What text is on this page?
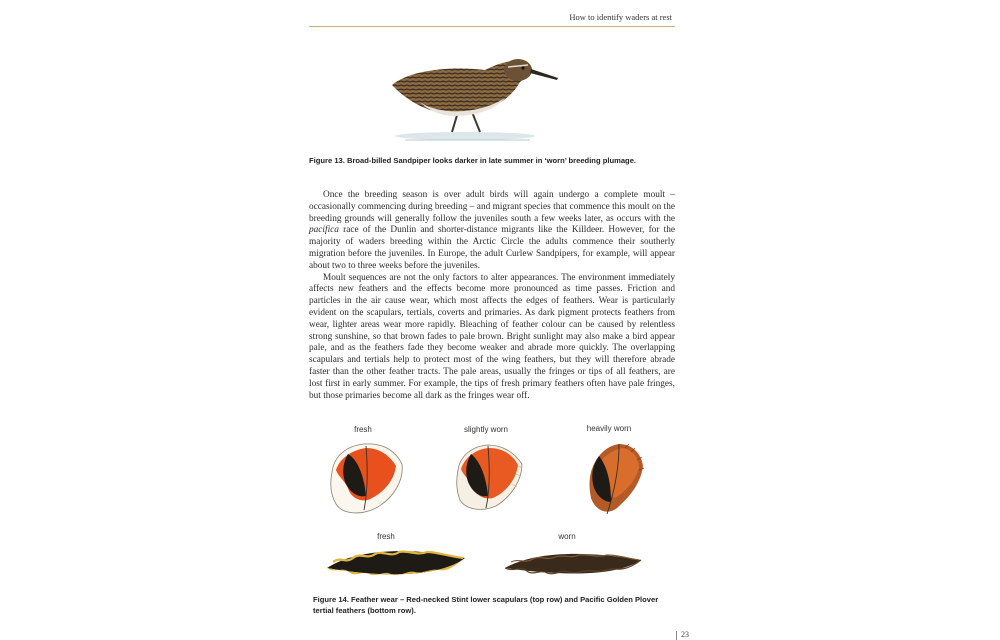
How to identify waders at rest
Figure 13. Broad-billed Sandpiper looks darker in late summer in ‘worn’ breeding plumage.

Once the breeding season is over adult birds will again undergo a complete moult – occasionally commencing during breeding – and migrant species that commence this moult on the breeding grounds will generally follow the juveniles south a few weeks later, as occurs with the pacifica race of the Dunlin and shorter-distance migrants like the Killdeer. However, for the majority of waders breeding within the Arctic Circle the adults commence their southerly migration before the juveniles. In Europe, the adult Curlew Sandpipers, for example, will appear about two to three weeks before the juveniles.

Moult sequences are not the only factors to alter appearances. The environment immediately affects new feathers and the effects become more pronounced as time passes. Friction and particles in the air cause wear, which most affects the edges of feathers. Wear is particularly evident on the scapulars, tertials, coverts and primaries. As dark pigment protects feathers from wear, lighter areas wear more rapidly. Bleaching of feather colour can be caused by relentless strong sunshine, so that brown fades to pale brown. Bright sunlight may also make a bird appear pale, and as the feathers fade they become weaker and abrade more quickly. The overlapping scapulars and tertials help to protect most of the wing feathers, but they will therefore abrade faster than the other feather tracts. The pale areas, usually the fringes or tips of all feathers, are lost first in early summer. For example, the tips of fresh primary feathers often have pale fringes, but those primaries become all dark as the fringes wear off.

fresh	slightly worn	heavily worn
fresh	worn
Figure 14. Feather wear – Red-necked Stint lower scapulars (top row) and Pacific Golden Plover tertial feathers (bottom row).
23
